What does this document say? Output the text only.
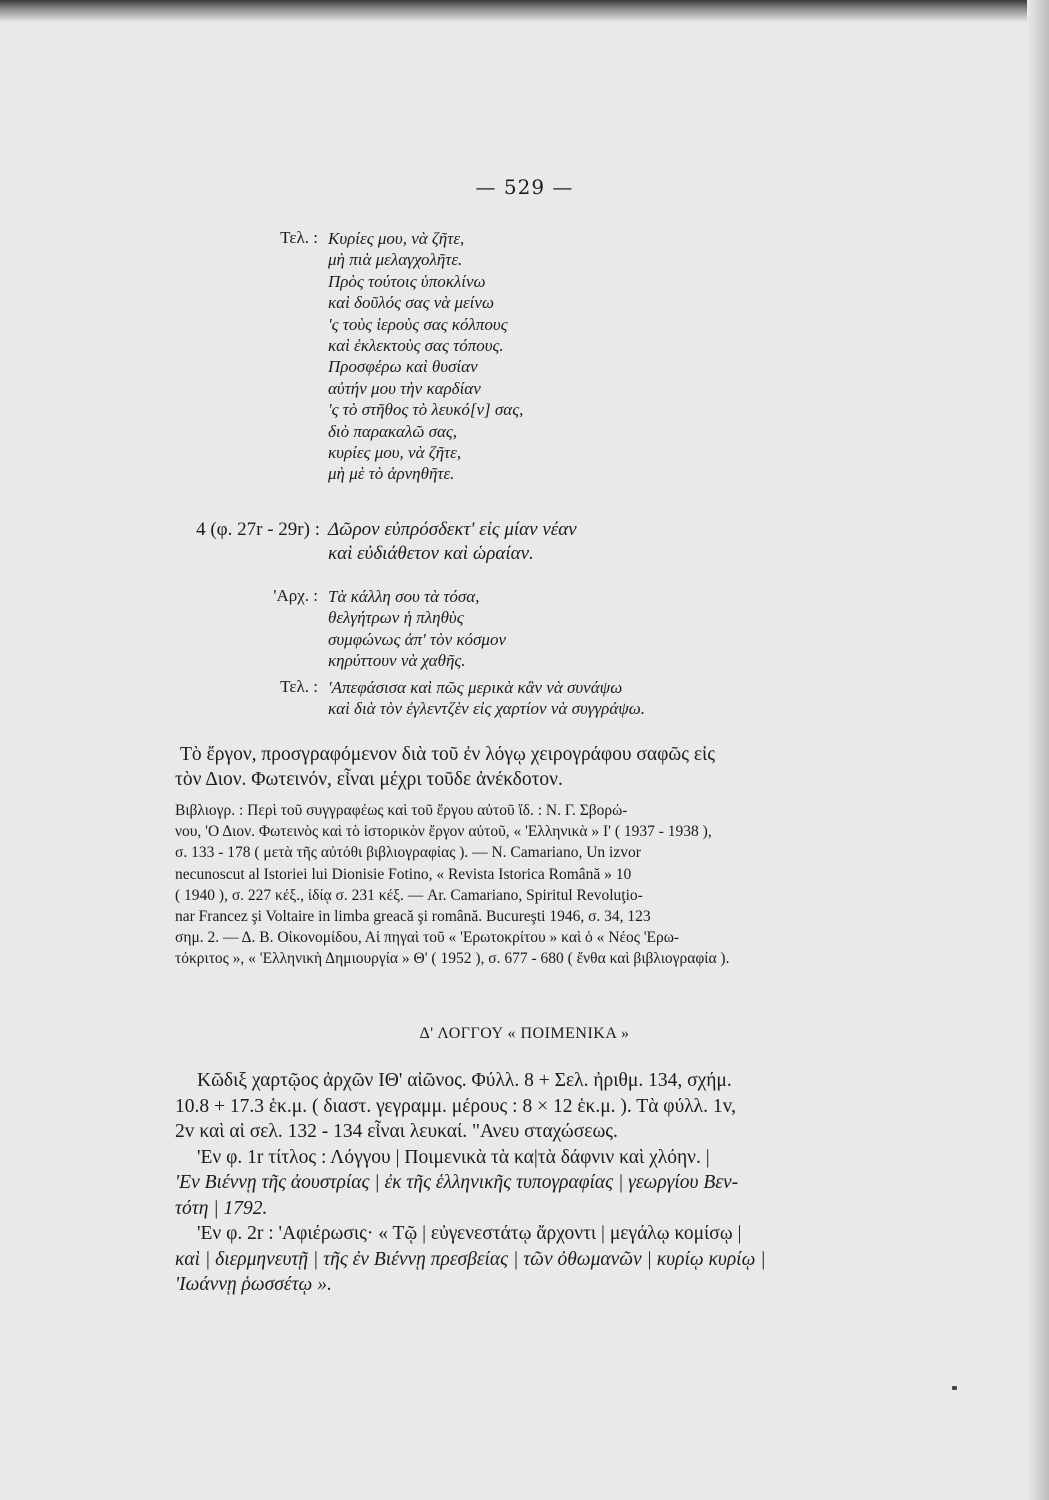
— 529 —
Τελ. : Κυρίες μου, νὰ ζῆτε,
μὴ πιὰ μελαγχολῆτε.
Πρὸς τούτοις ὑποκλίνω
καὶ δοῦλός σας νὰ μείνω
'ς τοὺς ἱεροὺς σας κόλπους
καὶ ἐκλεκτοὺς σας τόπους.
Προσφέρω καὶ θυσίαν
αὐτήν μου τὴν καρδίαν
'ς τὸ στῆθος τὸ λευκό[ν] σας,
διὸ παρακαλῶ σας,
κυρίες μου, νὰ ζῆτε,
μὴ μὲ τὸ ἀρνηθῆτε.
4 (φ. 27r - 29r) : Δῶρον εὐπρόσδεκτ' εἰς μίαν νέαν
καὶ εὐδιάθετον καὶ ὡραίαν.
'Αρχ. : Τὰ κάλλη σου τὰ τόσα,
θελγήτρων ἡ πληθὺς
συμφώνως ἀπ' τὸν κόσμον
κηρύττουν νὰ χαθῆς.
Τελ. : 'Απεφάσισα καὶ πῶς μερικὰ κἂν νὰ συνάψω
καὶ διὰ τὸν ἐγλεντζὲν εἰς χαρτίον νὰ συγγράψω.
Τὸ ἔργον, προσγραφόμενον διὰ τοῦ ἐν λόγῳ χειρογράφου σαφῶς εἰς
τὸν Διον. Φωτεινόν, εἶναι μέχρι τοῦδε ἀνέκδοτον.
Βιβλιογρ. : Περὶ τοῦ συγγραφέως καὶ τοῦ ἔργου αὐτοῦ ἴδ. : Ν. Γ. Σβορώ-
νου, 'Ο Διον. Φωτεινὸς καὶ τὸ ἱστορικὸν ἔργον αὐτοῦ, « 'Ελληνικὰ » Ι' ( 1937 - 1938 ),
σ. 133 - 178 ( μετὰ τῆς αὐτόθι βιβλιογραφίας ). — N. Camariano, Un izvor
necunoscut al Istoriei lui Dionisie Fotino, « Revista Istorica Română » 10
( 1940 ), σ. 227 κέξ., ἰδίᾳ σ. 231 κέξ. — Ar. Camariano, Spiritul Revoluţio-
nar Francez şi Voltaire in limba greacă şi română. Bucureşti 1946, σ. 34, 123
σημ. 2. — Δ. Β. Οἰκονομίδου, Αἱ πηγαὶ τοῦ « 'Ερωτοκρίτου » καὶ ὁ « Νέος 'Ερω-
τόκριτος », « 'Ελληνικὴ Δημιουργία » Θ' ( 1952 ), σ. 677 - 680 ( ἔνθα καὶ βιβλιογραφία ).
Δ' ΛΟΓΓΟΥ « ΠΟΙΜΕΝΙΚΑ »
Κῶδιξ χαρτῷος ἀρχῶν ΙΘ' αἰῶνος. Φύλλ. 8 + Σελ. ἠριθμ. 134, σχήμ.
10.8 + 17.3 ἑκ.μ. ( διαστ. γεγραμμ. μέρους : 8 × 12 ἑκ.μ. ). Τὰ φύλλ. 1v,
2v καὶ αἱ σελ. 132 - 134 εἶναι λευκαί. "Ανευ σταχώσεως.
'Εν φ. 1r τίτλος : Λόγγου | Ποιμενικὰ τὰ κα|τὰ δάφνιν καὶ χλόην. |
'Εν Βιέννῃ τῆς ἀουστρίας | ἐκ τῆς ἑλληνικῆς τυπογραφίας | γεωργίου Βεν-
τότη | 1792.
'Εν φ. 2r : 'Αφιέρωσις· « Τῷ | εὐγενεστάτῳ ἄρχοντι | μεγάλῳ κομίσῳ |
καὶ | διερμηνευτῇ | τῆς ἐν Βιέννῃ πρεσβείας | τῶν ὀθωμανῶν | κυρίῳ κυρίῳ |
'Ιωάννῃ ῥωσσέτῳ ».
